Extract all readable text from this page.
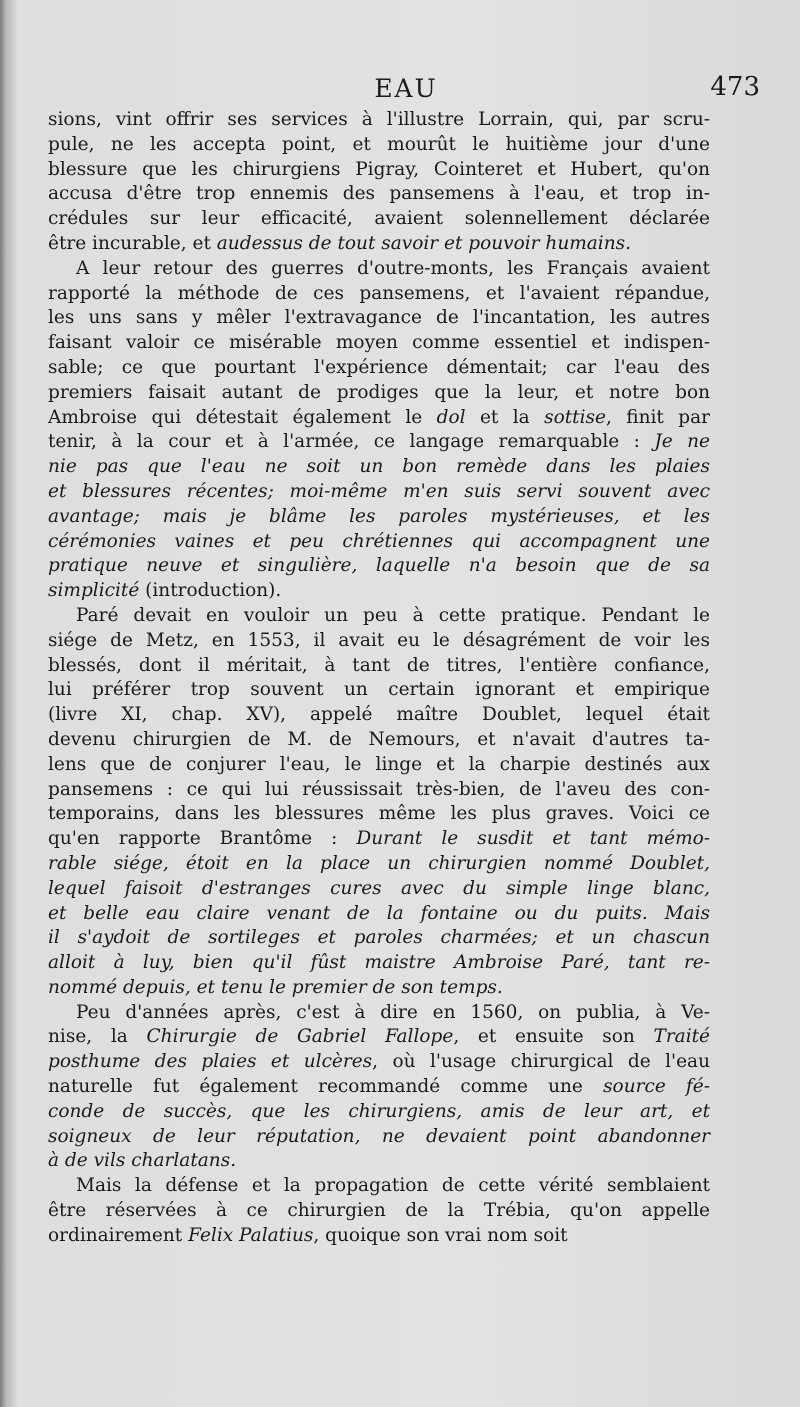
EAU	473

sions, vint offrir ses services à l'illustre Lorrain, qui, par scru-
pule, ne les accepta point, et mourût le huitième jour d'une
blessure que les chirurgiens Pigray, Cointeret et Hubert, qu'on
accusa d'être trop ennemis des pansemens à l'eau, et trop in-
crédules sur leur efficacité, avaient solennellement déclarée
être incurable, et audessus de tout savoir et pouvoir humains.

A leur retour des guerres d'outre-monts, les Français avaient
rapporté la méthode de ces pansemens, et l'avaient répandue,
les uns sans y mêler l'extravagance de l'incantation, les autres
faisant valoir ce misérable moyen comme essentiel et indispen-
sable; ce que pourtant l'expérience démentait; car l'eau des
premiers faisait autant de prodiges que la leur, et notre bon
Ambroise qui détestait également le dol et la sottise, finit par
tenir, à la cour et à l'armée, ce langage remarquable : Je ne
nie pas que l'eau ne soit un bon remède dans les plaies
et blessures récentes; moi-même m'en suis servi souvent avec
avantage; mais je blâme les paroles mystérieuses, et les
cérémonies vaines et peu chrétiennes qui accompagnent une
pratique neuve et singulière, laquelle n'a besoin que de sa
simplicité (introduction).

Paré devait en vouloir un peu à cette pratique. Pendant le
siége de Metz, en 1553, il avait eu le désagrément de voir les
blessés, dont il méritait, à tant de titres, l'entière confiance,
lui préférer trop souvent un certain ignorant et empirique
(livre XI, chap. XV), appelé maître Doublet, lequel était
devenu chirurgien de M. de Nemours, et n'avait d'autres ta-
lens que de conjurer l'eau, le linge et la charpie destinés aux
pansemens : ce qui lui réussissait très-bien, de l'aveu des con-
temporains, dans les blessures même les plus graves. Voici ce
qu'en rapporte Brantôme : Durant le susdit et tant mémo-
rable siége, étoit en la place un chirurgien nommé Doublet,
lequel faisoit d'estranges cures avec du simple linge blanc,
et belle eau claire venant de la fontaine ou du puits. Mais
il s'aydoit de sortileges et paroles charmées; et un chascun
alloit à luy, bien qu'il fûst maistre Ambroise Paré, tant re-
nommé depuis, et tenu le premier de son temps.

Peu d'années après, c'est à dire en 1560, on publia, à Ve-
nise, la Chirurgie de Gabriel Fallope, et ensuite son Traité
posthume des plaies et ulcères, où l'usage chirurgical de l'eau
naturelle fut également recommandé comme une source fé-
conde de succès, que les chirurgiens, amis de leur art, et
soigneux de leur réputation, ne devaient point abandonner
à de vils charlatans.

Mais la défense et la propagation de cette vérité semblaient
être réservées à ce chirurgien de la Trébia, qu'on appelle
ordinairement Felix Palatius, quoique son vrai nom soit
